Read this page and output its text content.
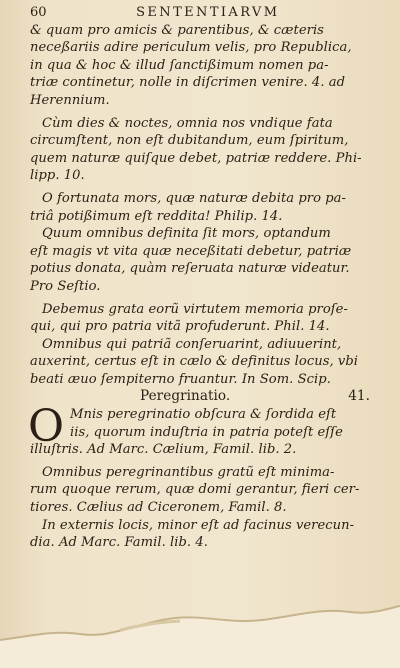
60	SENTENTIARVM
& quam pro amicis & parentibus, & cæteris
neceßariis adire periculum velis, pro Republica,
in qua & hoc & illud ſanctißimum nomen pa-
triæ continetur, nolle in diſcrimen venire. 4. ad
Herennium.
Cùm dies & noctes, omnia nos vndique fata
circumſtent, non eſt dubitandum, eum ſpiritum,
quem naturæ quiſque debet, patriæ reddere. Phi-
lipp. 10.
O fortunata mors, quæ naturæ debita pro pa-
triâ potißimum eſt reddita! Philip. 14.
Quum omnibus definita ſit mors, optandum
eſt magis vt vita quæ neceßitati debetur, patriæ
potius donata, quàm reſeruata naturæ videatur.
Pro Seſtio.
Debemus grata eorũ virtutem memoria proſe-
qui, qui pro patria vitã profuderunt. Phil. 14.
Omnibus qui patriã conſeruarint, adiuuerint,
auxerint, certus eſt in cælo & definitus locus, vbi
beati æuo ſempiterno fruantur. In Som. Scip.
Peregrinatio.	41.
O Mnis peregrinatio obſcura & ſordida eſt
iis, quorum induſtria in patria poteſt eſſe
illuſtris. Ad Marc. Cælium, Famil. lib. 2.
Omnibus peregrinantibus gratũ eſt minima-
rum quoque rerum, quæ domi gerantur, fieri cer-
tiores. Cælius ad Ciceronem, Famil. 8.
In externis locis, minor eſt ad facinus verecun-
dia. Ad Marc. Famil. lib. 4.
